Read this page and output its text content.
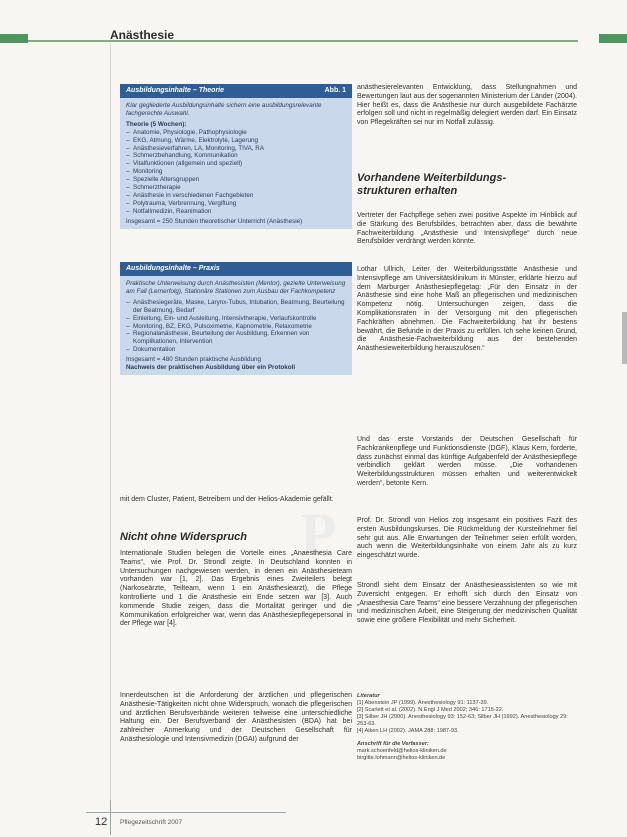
Anästhesie
P
Ausbildungsinhalte – Theorie	Abb. 1
Klar gegliederte Ausbildungsinhalte sichern eine ausbildungsrelevante fachgerechte Auswahl.
Theorie (5 Wochen):
– Anatomie, Physiologie, Pathophysiologie
– EKG, Atmung, Wärme, Elektrolyte, Lagerung
– Anästhesieverfahren, LA, Monitoring, TIVA, RA
– Schmerzbehandlung, Kommunikation
– Vitalfunktionen (allgemein und speziell)
– Monitoring
– Spezielle Altersgruppen
– Schmerztherapie
– Anästhesie in verschiedenen Fachgebieten
– Polytrauma, Verbrennung, Vergiftung
– Notfallmedizin, Reanimation
Insgesamt = 250 Stunden theoretischer Unterricht (Anästhesie)
Ausbildungsinhalte – Praxis
Praktische Unterweisung durch Anästhesisten (Mentor), gezielte Unterweisung am Fall (Lernerfolg), Stationäre Stationen zum Ausbau der Fachkompetenz
– Anästhesiegeräte, Maske, Larynx-Tubus, Intubation, Beatmung, Beurteilung der Beatmung, Bedarf
– Einleitung, Ein- und Ausleitung, Intensivtherapie, Verlaufskontrolle
– Monitoring, BZ, EKG, Pulsoximetrie, Kapnometrie, Relaxometrie
– Regionalanästhesie, Beurteilung der Ausbildung, Erkennen von Komplikationen, Intervention
– Dokumentation
Insgesamt = 480 Stunden praktische Ausbildung
Nachweis der praktischen Ausbildung über ein Protokoll
mit dem Cluster, Patient, Betreibern und der Helios-Akademie gefällt.
Nicht ohne Widerspruch
Internationale Studien belegen die Vorteile eines „Anaesthesia Care Teams“, wie Prof. Dr. Strondl zeigte. In Deutschland konnten in Untersuchungen nachgewiesen werden, in denen ein Anästhesieteam vorhanden war [1, 2]. Das Ergebnis eines Zweiteilers belegt (Narkoseärzte, Teilteam, wenn 1 ein Anästhesiearzt), die Pflege kontrollierte und 1 die Anästhesie ein Ende setzen war [3]. Auch kommende Studie zeigen, dass die Mortalität geringer und die Kommunikation erfolgreicher war, wenn das Anästhesiepflegepersonal in der Pflege war [4].
Innerdeutschen ist die Anforderung der ärztlichen und pflegerischen Anästhesie-Tätigkeiten nicht ohne Widerspruch, wonach die pflegerischen und ärztlichen Berufsverbände weiteren teilweise eine unterschiedliche Haltung ein. Der Berufsverband der Anästhesisten (BDA) hat bei zahlreicher Anmerkung und der Deutschen Gesellschaft für Anästhesiologie und Intensivmedizin (DGAI) aufgrund der
anästhesierelevanten Entwicklung, dass Stellungnahmen und Bewertungen laut aus der sogenannten Ministerium der Länder (2004). Hier heißt es, dass die Anästhesie nur durch ausgebildete Fachärzte erfolgen soll und nicht in regelmäßig delegiert werden darf. Ein Einsatz von Pflegekräften sei nur im Notfall zulässig.
Vorhandene Weiterbildungs-
strukturen erhalten
Vertreter der Fachpflege sehen zwei positive Aspekte im Hinblick auf die Stärkung des Berufsbildes, betrachten aber, dass die bewährte Fachweiterbildung „Anästhesie und Intensivpflege“ durch neue Berufsbilder verdrängt werden könnte.
Lothar Ullrich, Leiter der Weiterbildungsstätte Anästhesie und Intensivpflege am Universitätsklinikum in Münster, erklärte hierzu auf dem Marburger Anästhesiepflegetag: „Für den Einsatz in der Anästhesie sind eine hohe Maß an pflegerischen und medizinischen Kompetenz nötig. Untersuchungen zeigen, dass die Komplikationsraten in der Versorgung mit den pflegerischen Fachkräften abnehmen. Die Fachweiterbildung hat ihr bestens bewährt, die Befunde in der Praxis zu erfüllen. Ich sehe keinen Grund, die Anästhesie-Fachweiterbildung aus der bestehenden Anästhesieweiterbildung herauszulösen.“
Und das erste Vorstands der Deutschen Gesellschaft für Fachkrankenpflege und Funktionsdienste (DGF), Klaus Kern, forderte, dass zunächst einmal das künftige Aufgabenfeld der Anästhesiepflege verbindlich geklärt werden müsse. „Die vorhandenen Weiterbildungsstrukturen müssen erhalten und weiterentwickelt werden“, betonte Kern.
Prof. Dr. Strondl von Helios zog insgesamt ein positives Fazit des ersten Ausbildungskurses. Die Rückmeldung der Kursteilnehmer fiel sehr gut aus. Alle Erwartungen der Teilnehmer seien erfüllt worden, auch wenn die Weiterbildungsinhalte von einem Jahr als zu kurz eingeschätzt wurde.
Strondl sieht dem Einsatz der Anästhesieassistenten so wie mit Zuversicht entgegen. Er erhofft sich durch den Einsatz von „Anaesthesia Care Teams“ eine bessere Verzahnung der pflegerischen und medizinischen Arbeit, eine Steigerung der medizinischen Qualität sowie eine größere Flexibilität und mehr Sicherheit.
Literatur
[1] Abenstein JP (1999). Anesthesiology 91: 1137-39.
[2] Scarlett et al. (2002). N Engl J Med 2002; 346: 1715-22.
[3] Silber JH (2000). Anesthesiology 93: 152-63; Silber JH (1992). Anesthesiology 29: 253-63.
[4] Aiken LH (2002). JAMA 288: 1987-93.
Anschrift für die Verfasser:
mark.schoenfeld@helios-kliniken.de
birgitte.lohmann@helios-kliniken.de
12 Pflegezeitschrift 2007
